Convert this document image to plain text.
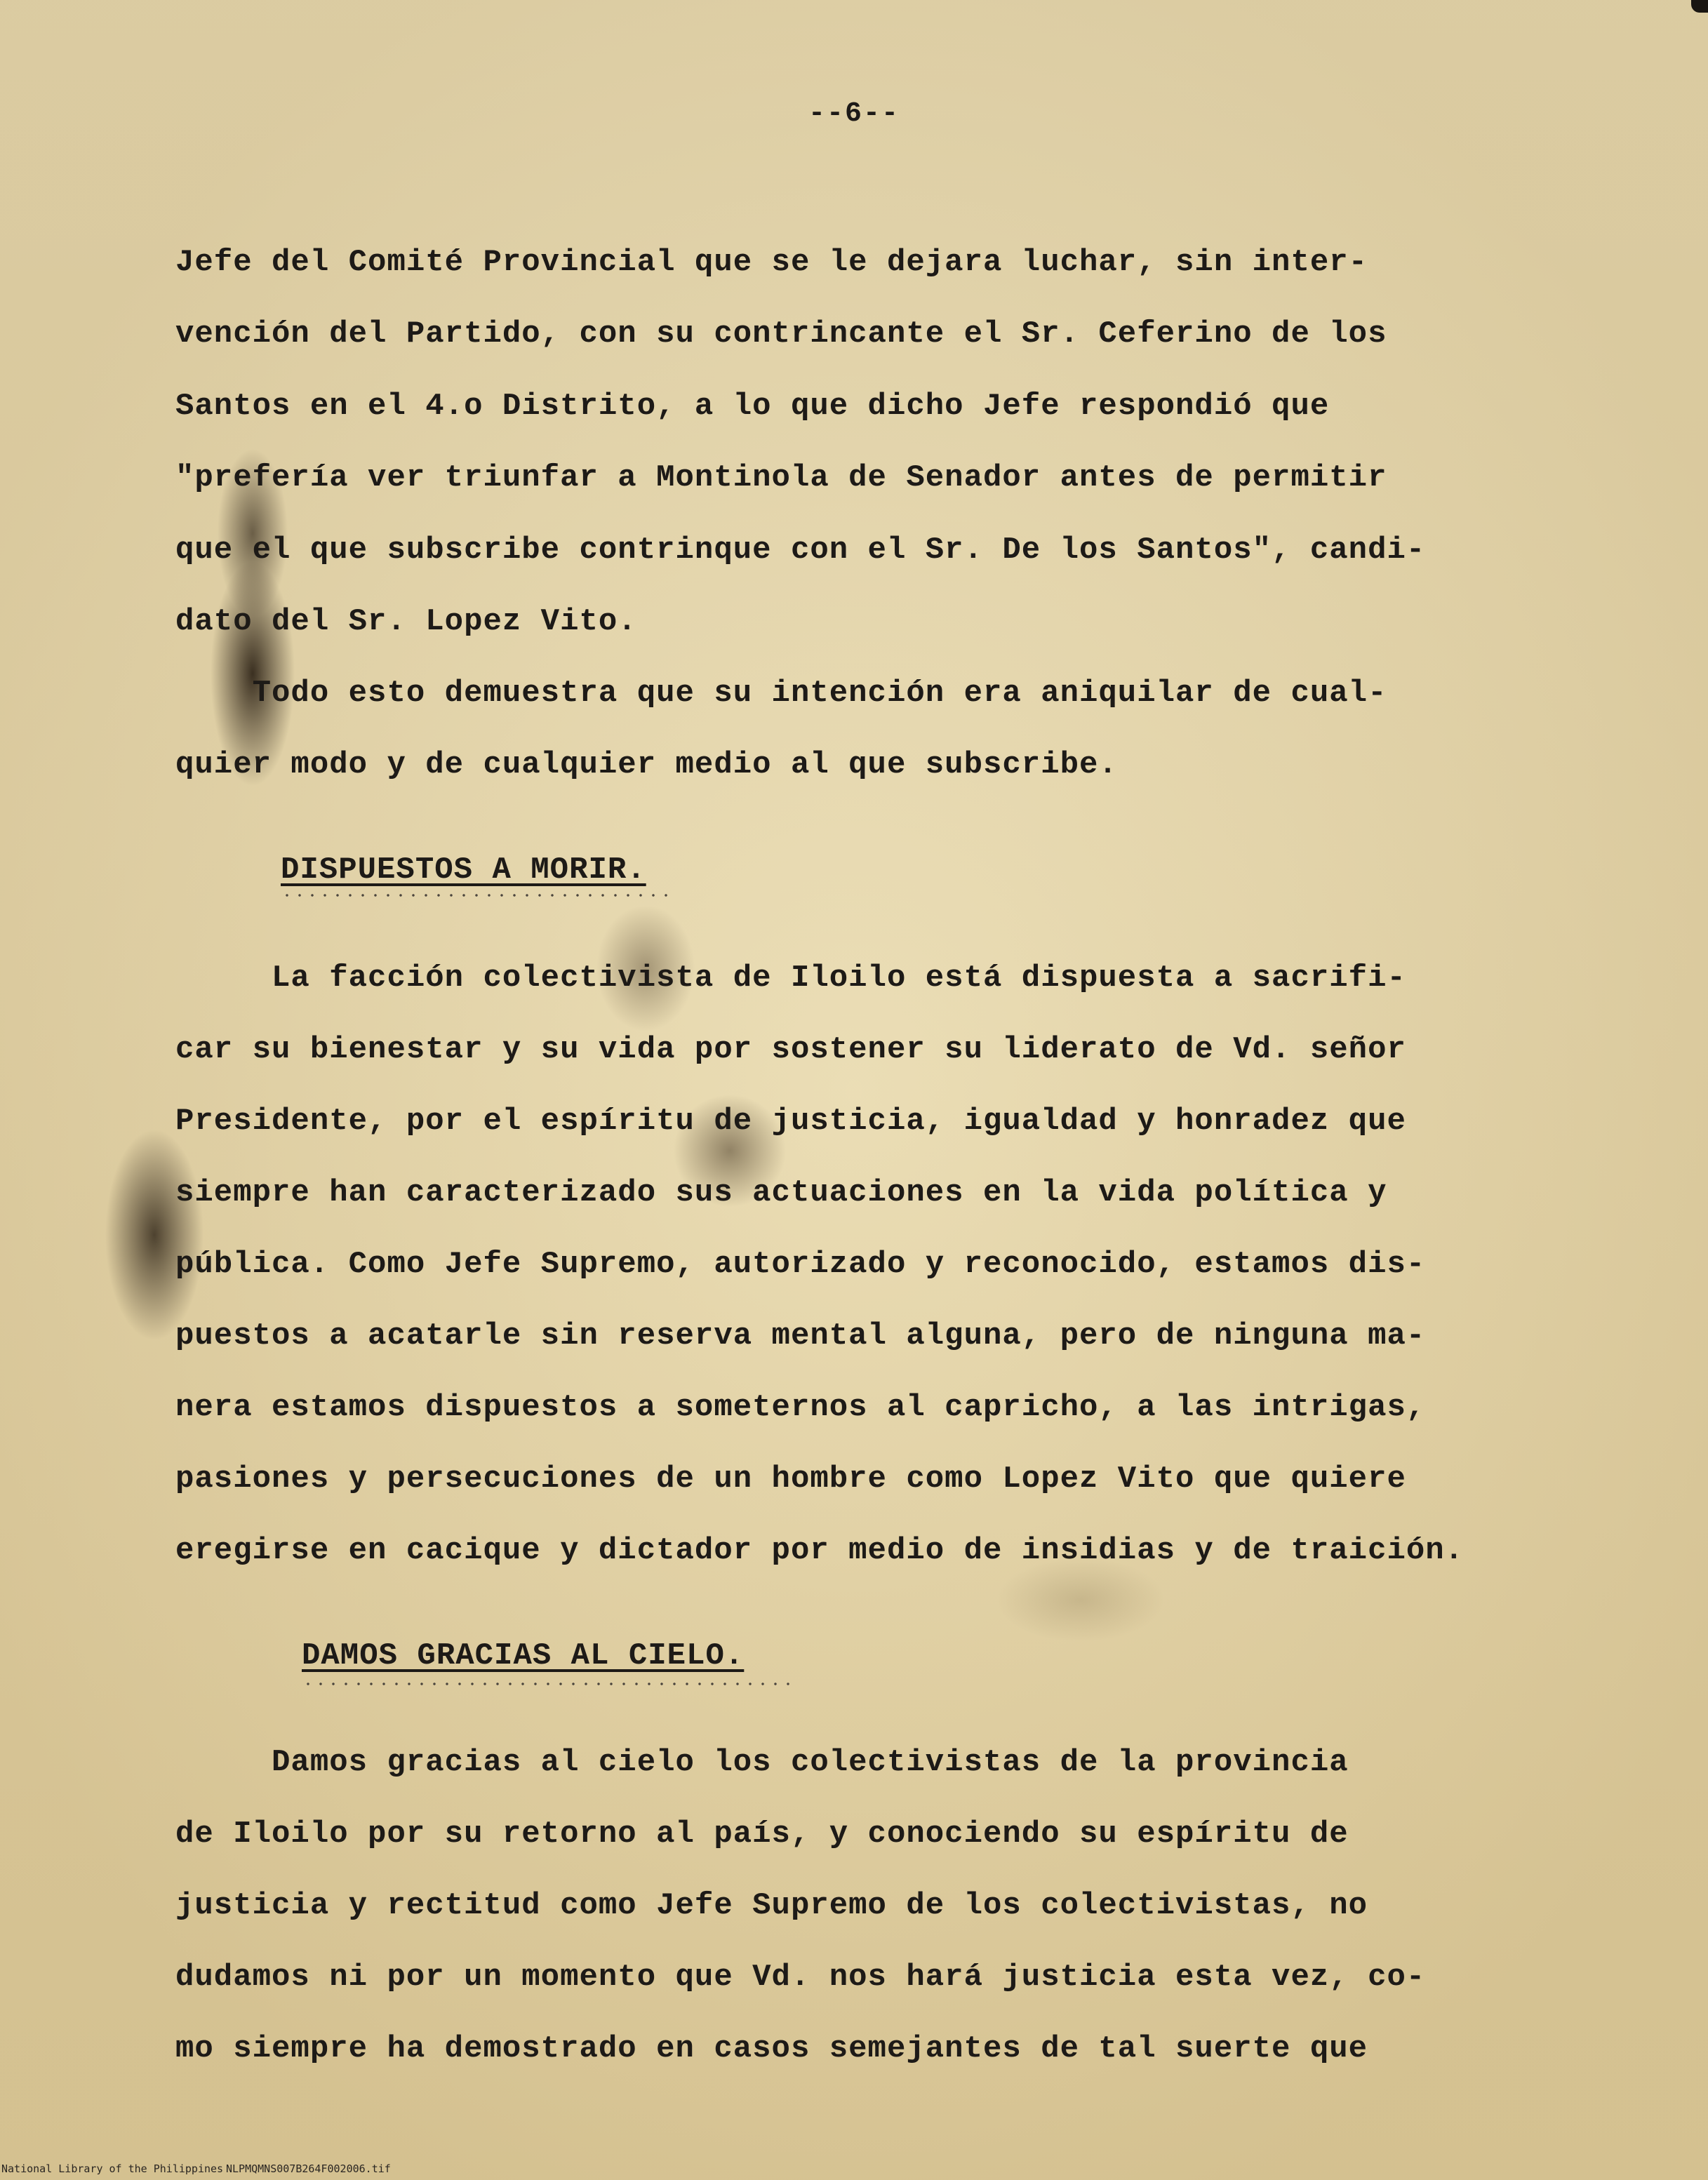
--6--
Jefe del Comité Provincial que se le dejara luchar, sin inter-
vención del Partido, con su contrincante el Sr. Ceferino de los
Santos en el 4.o Distrito, a lo que dicho Jefe respondió que
"prefería ver triunfar a Montinola de Senador antes de permitir
que el que subscribe contrinque con el Sr. De los Santos", candi-
dato del Sr. Lopez Vito.
Todo esto demuestra que su intención era aniquilar de cual-
quier modo y de cualquier medio al que subscribe.
DISPUESTOS A MORIR.
La facción colectivista de Iloilo está dispuesta a sacrifi-
car su bienestar y su vida por sostener su liderato de Vd. señor
Presidente, por el espíritu de justicia, igualdad y honradez que
siempre han caracterizado sus actuaciones en la vida política y
pública. Como Jefe Supremo, autorizado y reconocido, estamos dis-
puestos a acatarle sin reserva mental alguna, pero de ninguna ma-
nera estamos dispuestos a someternos al capricho, a las intrigas,
pasiones y persecuciones de un hombre como Lopez Vito que quiere
eregirse en cacique y dictador por medio de insidias y de traición.
DAMOS GRACIAS AL CIELO.
Damos gracias al cielo los colectivistas de la provincia
de Iloilo por su retorno al país, y conociendo su espíritu de
justicia y rectitud como Jefe Supremo de los colectivistas, no
dudamos ni por un momento que Vd. nos hará justicia esta vez, co-
mo siempre ha demostrado en casos semejantes de tal suerte que
National Library of the Philippines NLPMQMNS007B264F002006.tif
